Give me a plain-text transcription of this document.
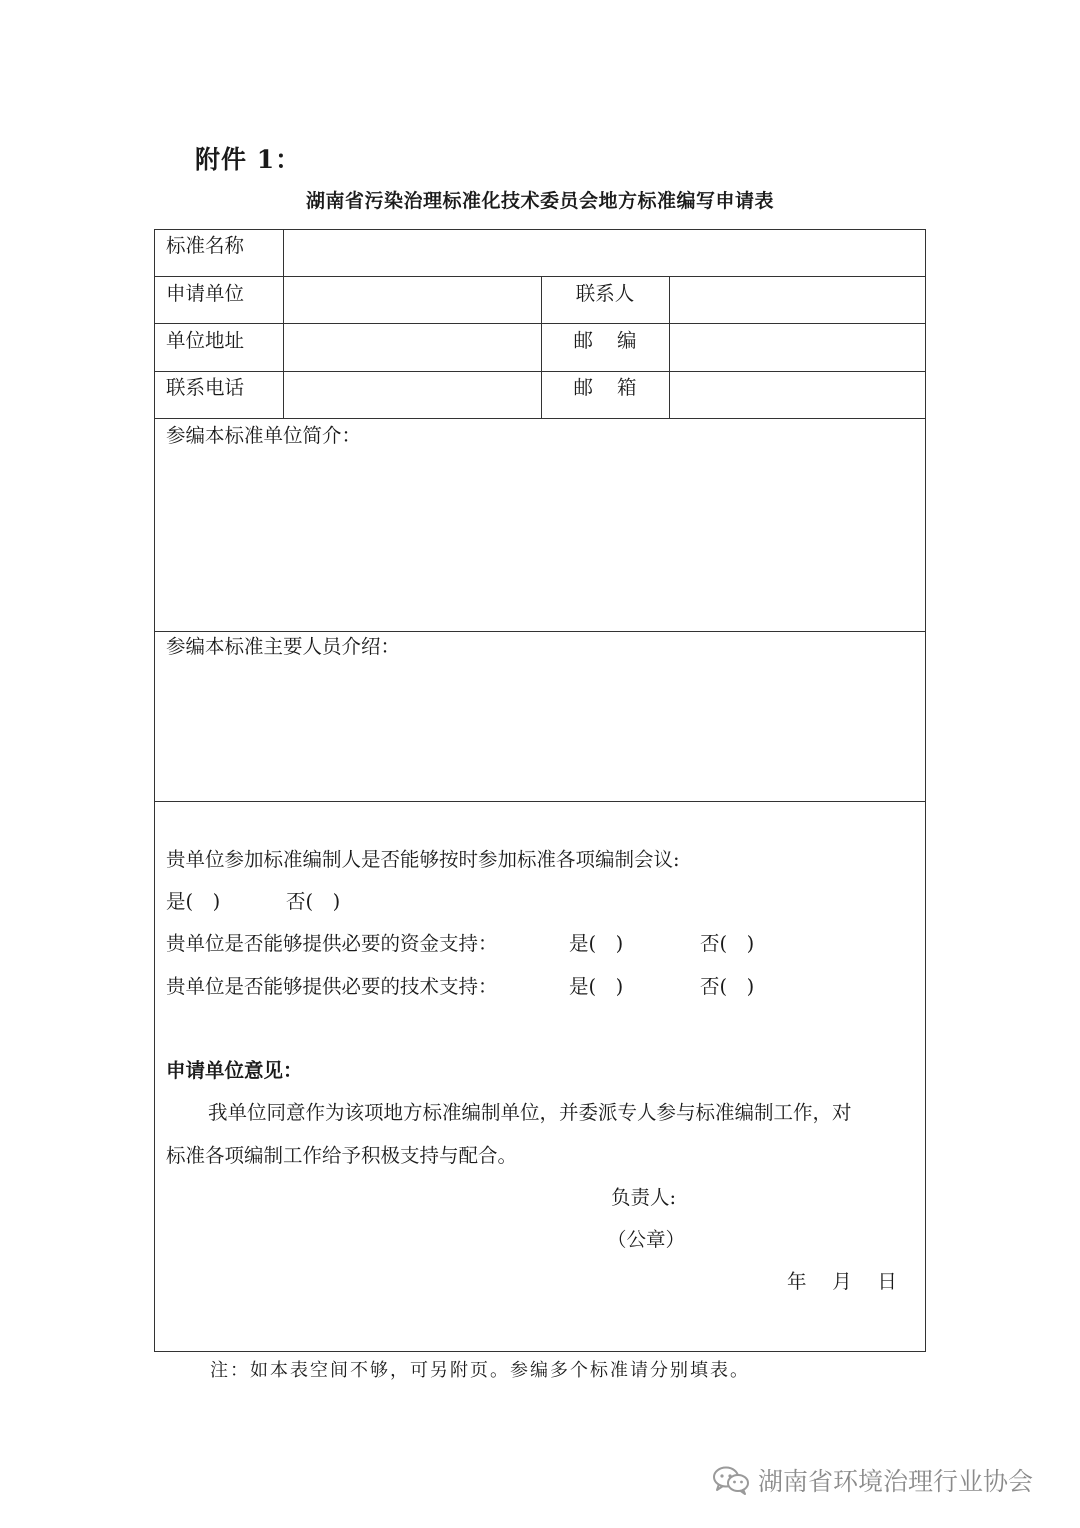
附件 1：
湖南省污染治理标准化技术委员会地方标准编写申请表
标准名称
申请单位	联系人
单位地址	邮编
联系电话	邮箱
参编本标准单位简介：
参编本标准主要人员介绍：
贵单位参加标准编制人是否能够按时参加标准各项编制会议:
是(　)	否(　)
贵单位是否能够提供必要的资金支持：	是(　)	否(　)
贵单位是否能够提供必要的技术支持：	是(　)	否(　)
申请单位意见：
我单位同意作为该项地方标准编制单位，并委派专人参与标准编制工作，对
标准各项编制工作给予积极支持与配合。
负责人:
（公章）
年　 月　 日
注：如本表空间不够，可另附页。参编多个标准请分别填表。
湖南省环境治理行业协会
